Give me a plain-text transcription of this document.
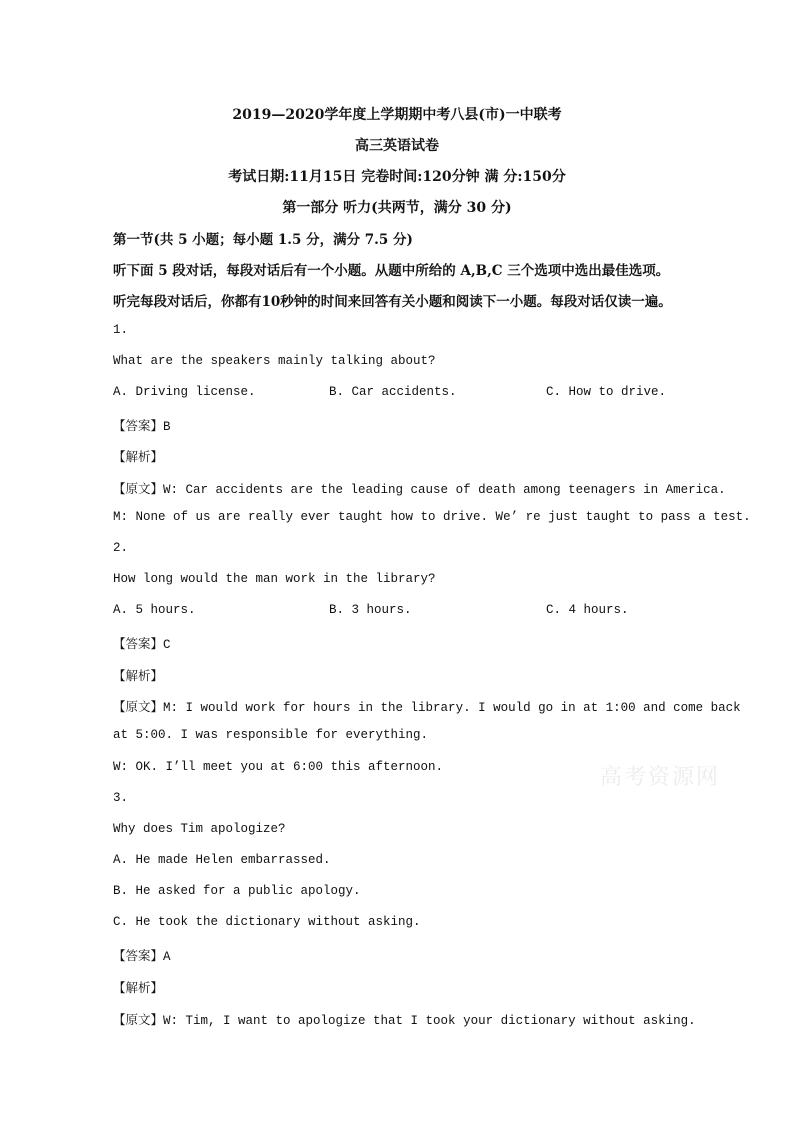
2019—2020学年度上学期期中考八县(市)一中联考
高三英语试卷
考试日期:11月15日 完卷时间:120分钟 满 分:150分
第一部分 听力(共两节，满分 30 分)
第一节(共 5 小题；每小题 1.5 分，满分 7.5 分)
听下面 5 段对话，每段对话后有一个小题。从题中所给的 A,B,C 三个选项中选出最佳选项。
听完每段对话后，你都有10秒钟的时间来回答有关小题和阅读下一小题。每段对话仅读一遍。
1.
What are the speakers mainly talking about?
A. Driving license.	B. Car accidents.	C. How to drive.
【答案】B
【解析】
【原文】W: Car accidents are the leading cause of death among teenagers in America.
M: None of us are really ever taught how to drive. We’ re just taught to pass a test.
2.
How long would the man work in the library?
A. 5 hours.	B. 3 hours.	C. 4 hours.
【答案】C
【解析】
【原文】M: I would work for hours in the library. I would go in at 1:00 and come back
at 5:00. I was responsible for everything.
W: OK. I’ll meet you at 6:00 this afternoon.	高考资源网
3.
Why does Tim apologize?
A. He made Helen embarrassed.
B. He asked for a public apology.
C. He took the dictionary without asking.
【答案】A
【解析】
【原文】W: Tim, I want to apologize that I took your dictionary without asking.
